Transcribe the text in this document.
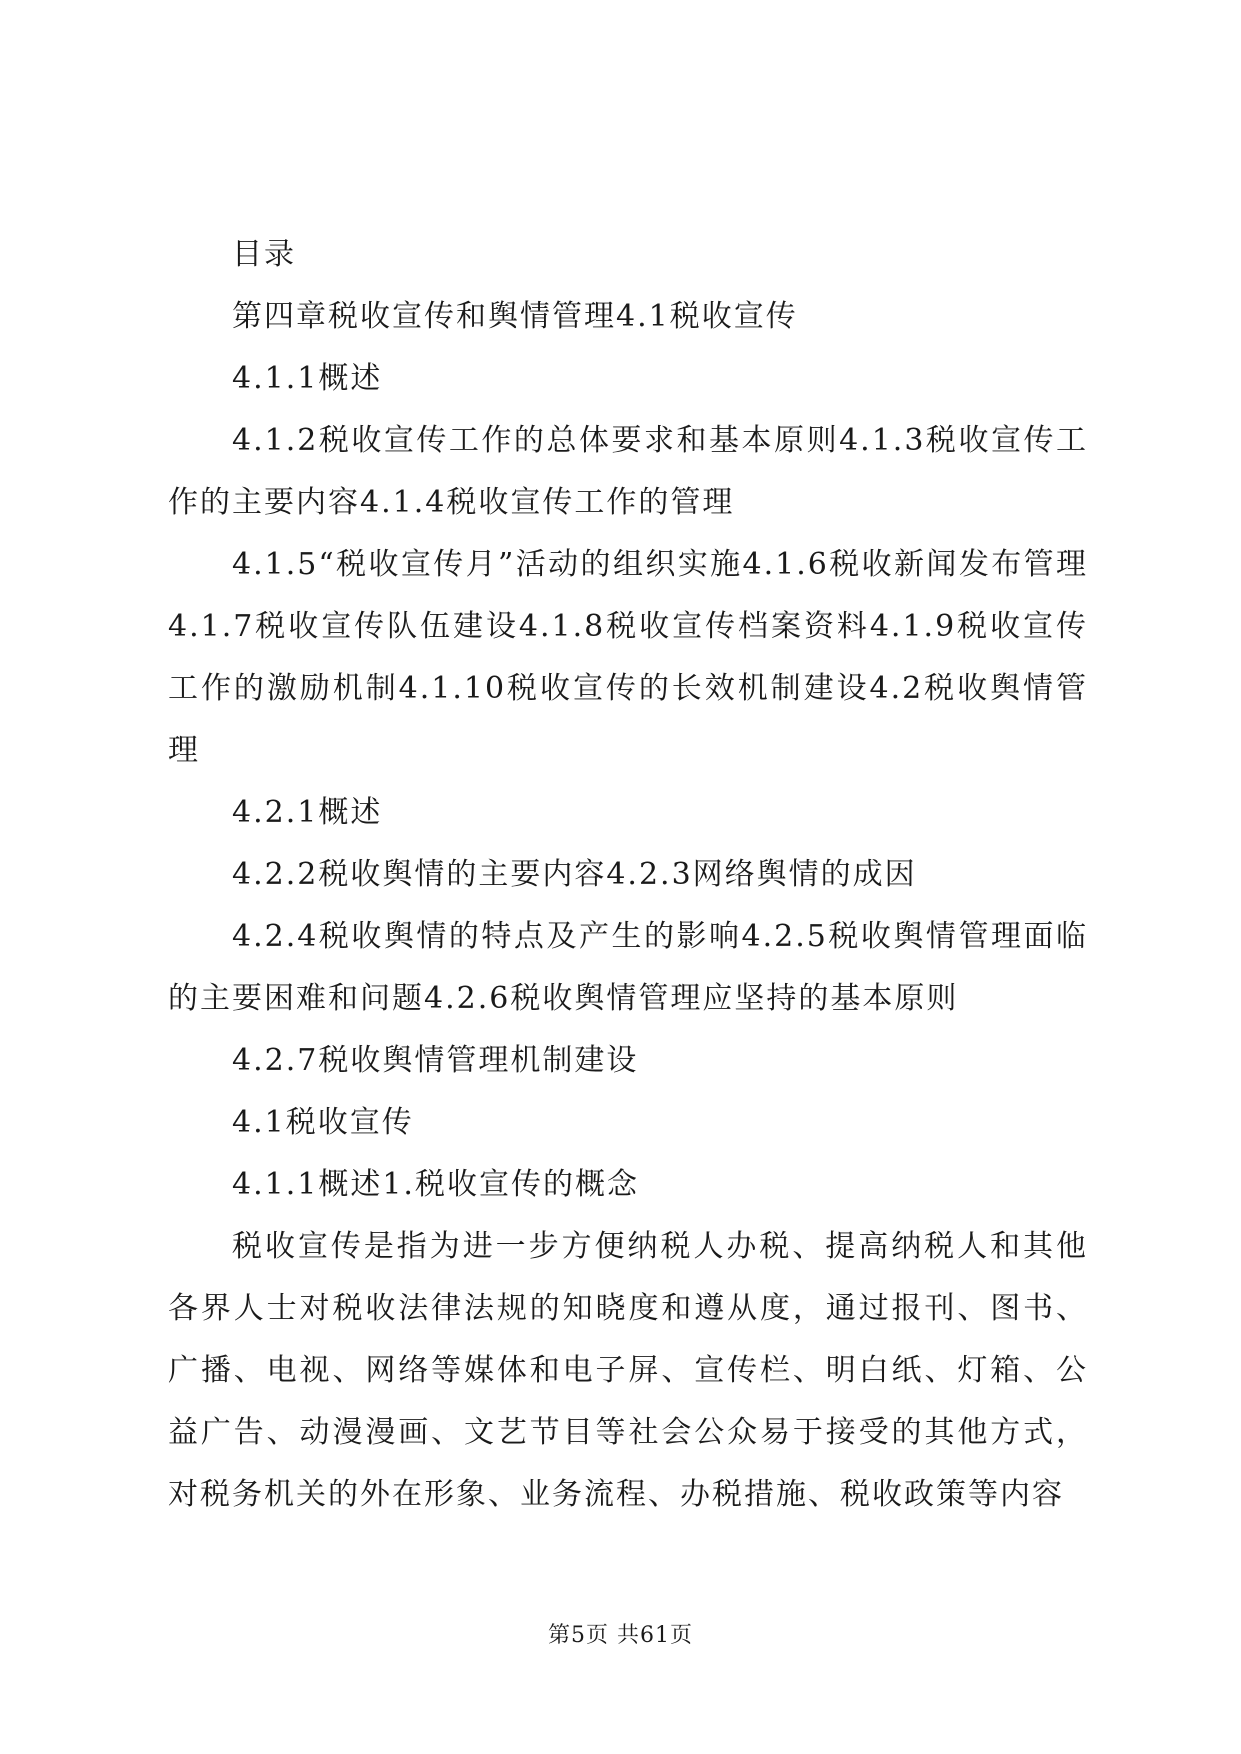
目录

第四章税收宣传和舆情管理4.1税收宣传

4.1.1概述

4.1.2税收宣传工作的总体要求和基本原则4.1.3税收宣传工作的主要内容4.1.4税收宣传工作的管理

4.1.5“税收宣传月”活动的组织实施4.1.6税收新闻发布管理4.1.7税收宣传队伍建设4.1.8税收宣传档案资料4.1.9税收宣传工作的激励机制4.1.10税收宣传的长效机制建设4.2税收舆情管理

4.2.1概述

4.2.2税收舆情的主要内容4.2.3网络舆情的成因

4.2.4税收舆情的特点及产生的影响4.2.5税收舆情管理面临的主要困难和问题4.2.6税收舆情管理应坚持的基本原则

4.2.7税收舆情管理机制建设

4.1税收宣传

4.1.1概述1.税收宣传的概念

税收宣传是指为进一步方便纳税人办税、提高纳税人和其他各界人士对税收法律法规的知晓度和遵从度，通过报刊、图书、广播、电视、网络等媒体和电子屏、宣传栏、明白纸、灯箱、公益广告、动漫漫画、文艺节目等社会公众易于接受的其他方式，对税务机关的外在形象、业务流程、办税措施、税收政策等内容

第5页 共61页
